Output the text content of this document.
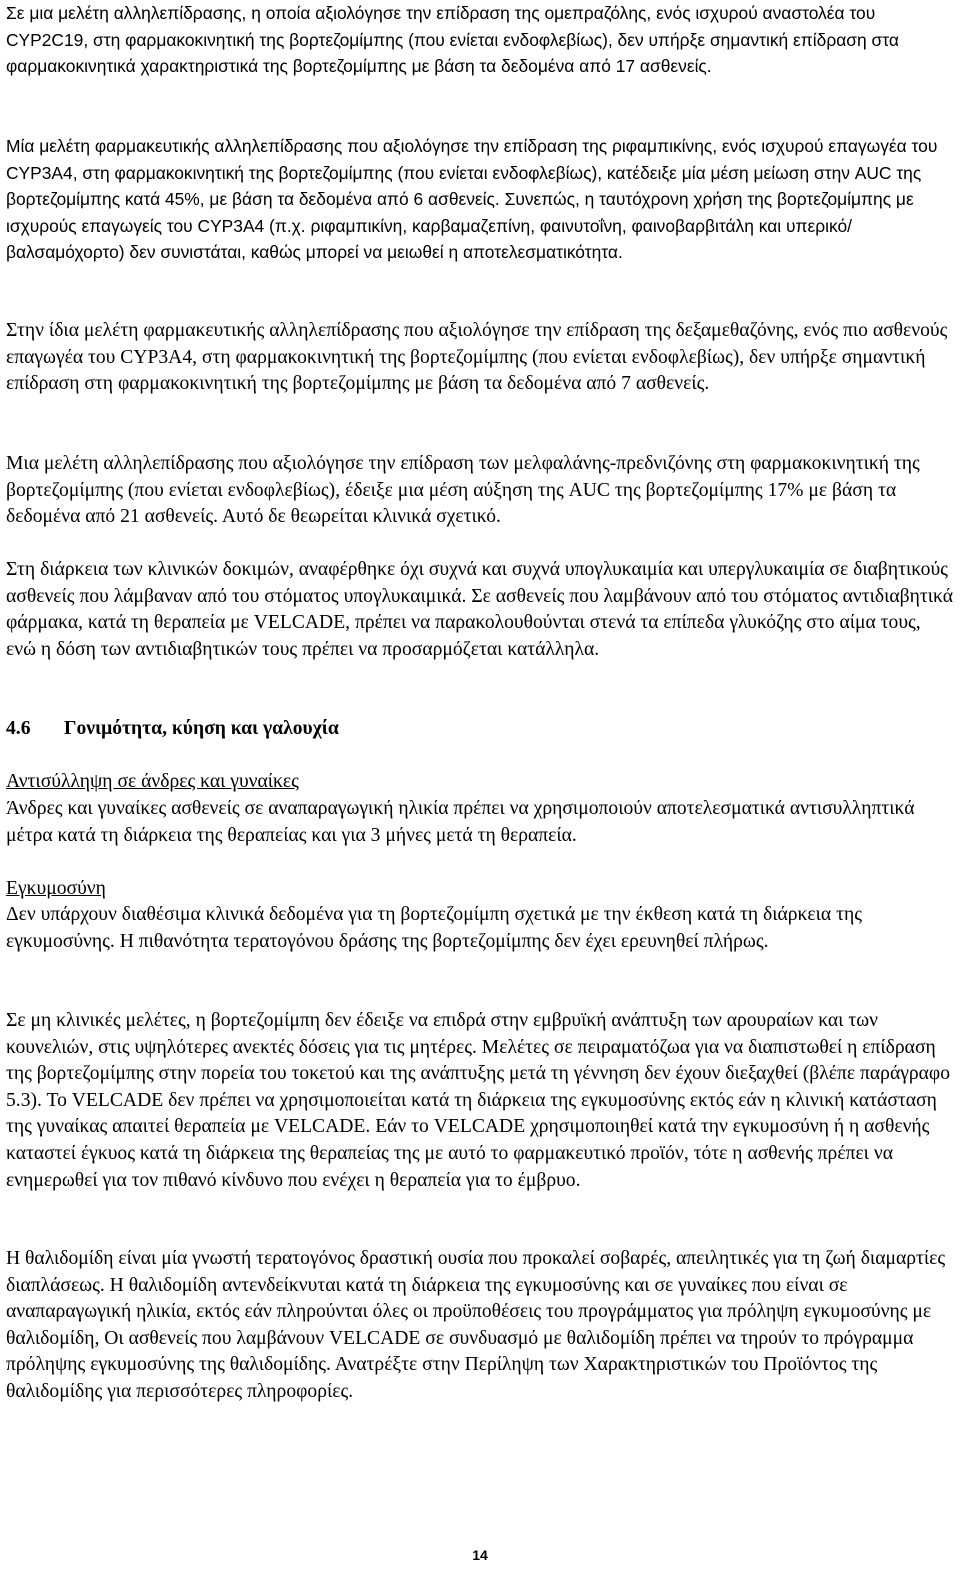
Σε μια μελέτη αλληλεπίδρασης, η οποία αξιολόγησε την επίδραση της ομεπραζόλης, ενός ισχυρού αναστολέα του CYP2C19, στη φαρμακοκινητική της βορτεζομίμπης (που ενίεται ενδοφλεβίως), δεν υπήρξε σημαντική επίδραση στα φαρμακοκινητικά χαρακτηριστικά της βορτεζομίμπης με βάση τα δεδομένα από 17 ασθενείς.

Μία μελέτη φαρμακευτικής αλληλεπίδρασης που αξιολόγησε την επίδραση της ριφαμπικίνης, ενός ισχυρού επαγωγέα του CYP3A4, στη φαρμακοκινητική της βορτεζομίμπης (που ενίεται ενδοφλεβίως), κατέδειξε μία μέση μείωση στην AUC της βορτεζομίμπης κατά 45%, με βάση τα δεδομένα από 6 ασθενείς. Συνεπώς, η ταυτόχρονη χρήση της βορτεζομίμπης με ισχυρούς επαγωγείς του CYP3A4 (π.χ. ριφαμπικίνη, καρβαμαζεπίνη, φαινυτοΐνη, φαινοβαρβιτάλη και υπερικό/βαλσαμόχορτο) δεν συνιστάται, καθώς μπορεί να μειωθεί η αποτελεσματικότητα.

Στην ίδια μελέτη φαρμακευτικής αλληλεπίδρασης που αξιολόγησε την επίδραση της δεξαμεθαζόνης, ενός πιο ασθενούς επαγωγέα του CYP3A4, στη φαρμακοκινητική της βορτεζομίμπης (που ενίεται ενδοφλεβίως), δεν υπήρξε σημαντική επίδραση στη φαρμακοκινητική της βορτεζομίμπης με βάση τα δεδομένα από 7 ασθενείς.

Μια μελέτη αλληλεπίδρασης που αξιολόγησε την επίδραση των μελφαλάνης-πρεδνιζόνης στη φαρμακοκινητική της βορτεζομίμπης (που ενίεται ενδοφλεβίως), έδειξε μια μέση αύξηση της AUC της βορτεζομίμπης 17% με βάση τα δεδομένα από 21 ασθενείς. Αυτό δε θεωρείται κλινικά σχετικό.

Στη διάρκεια των κλινικών δοκιμών, αναφέρθηκε όχι συχνά και συχνά υπογλυκαιμία και υπεργλυκαιμία σε διαβητικούς ασθενείς που λάμβαναν από του στόματος υπογλυκαιμικά. Σε ασθενείς που λαμβάνουν από του στόματος αντιδιαβητικά φάρμακα, κατά τη θεραπεία με VELCADE, πρέπει να παρακολουθούνται στενά τα επίπεδα γλυκόζης στο αίμα τους, ενώ η δόση των αντιδιαβητικών τους πρέπει να προσαρμόζεται κατάλληλα.

4.6 Γονιμότητα, κύηση και γαλουχία
Αντισύλληψη σε άνδρες και γυναίκες

Άνδρες και γυναίκες ασθενείς σε αναπαραγωγική ηλικία πρέπει να χρησιμοποιούν αποτελεσματικά αντισυλληπτικά μέτρα κατά τη διάρκεια της θεραπείας και για 3 μήνες μετά τη θεραπεία.

Εγκυμοσύνη

Δεν υπάρχουν διαθέσιμα κλινικά δεδομένα για τη βορτεζομίμπη σχετικά με την έκθεση κατά τη διάρκεια της εγκυμοσύνης. Η πιθανότητα τερατογόνου δράσης της βορτεζομίμπης δεν έχει ερευνηθεί πλήρως.

Σε μη κλινικές μελέτες, η βορτεζομίμπη δεν έδειξε να επιδρά στην εμβρυϊκή ανάπτυξη των αρουραίων και των κουνελιών, στις υψηλότερες ανεκτές δόσεις για τις μητέρες. Μελέτες σε πειραματόζωα για να διαπιστωθεί η επίδραση της βορτεζομίμπης στην πορεία του τοκετού και της ανάπτυξης μετά τη γέννηση δεν έχουν διεξαχθεί (βλέπε παράγραφο 5.3). Το VELCADE δεν πρέπει να χρησιμοποιείται κατά τη διάρκεια της εγκυμοσύνης εκτός εάν η κλινική κατάσταση της γυναίκας απαιτεί θεραπεία με VELCADE. Εάν το VELCADE χρησιμοποιηθεί κατά την εγκυμοσύνη ή η ασθενής καταστεί έγκυος κατά τη διάρκεια της θεραπείας της με αυτό το φαρμακευτικό προϊόν, τότε η ασθενής πρέπει να ενημερωθεί για τον πιθανό κίνδυνο που ενέχει η θεραπεία για το έμβρυο.

Η θαλιδομίδη είναι μία γνωστή τερατογόνος δραστική ουσία που προκαλεί σοβαρές, απειλητικές για τη ζωή διαμαρτίες διαπλάσεως. Η θαλιδομίδη αντενδείκνυται κατά τη διάρκεια της εγκυμοσύνης και σε γυναίκες που είναι σε αναπαραγωγική ηλικία, εκτός εάν πληρούνται όλες οι προϋποθέσεις του προγράμματος για πρόληψη εγκυμοσύνης με θαλιδομίδη, Οι ασθενείς που λαμβάνουν VELCADE σε συνδυασμό με θαλιδομίδη πρέπει να τηρούν το πρόγραμμα πρόληψης εγκυμοσύνης της θαλιδομίδης. Ανατρέξτε στην Περίληψη των Χαρακτηριστικών του Προϊόντος της θαλιδομίδης για περισσότερες πληροφορίες.

14
